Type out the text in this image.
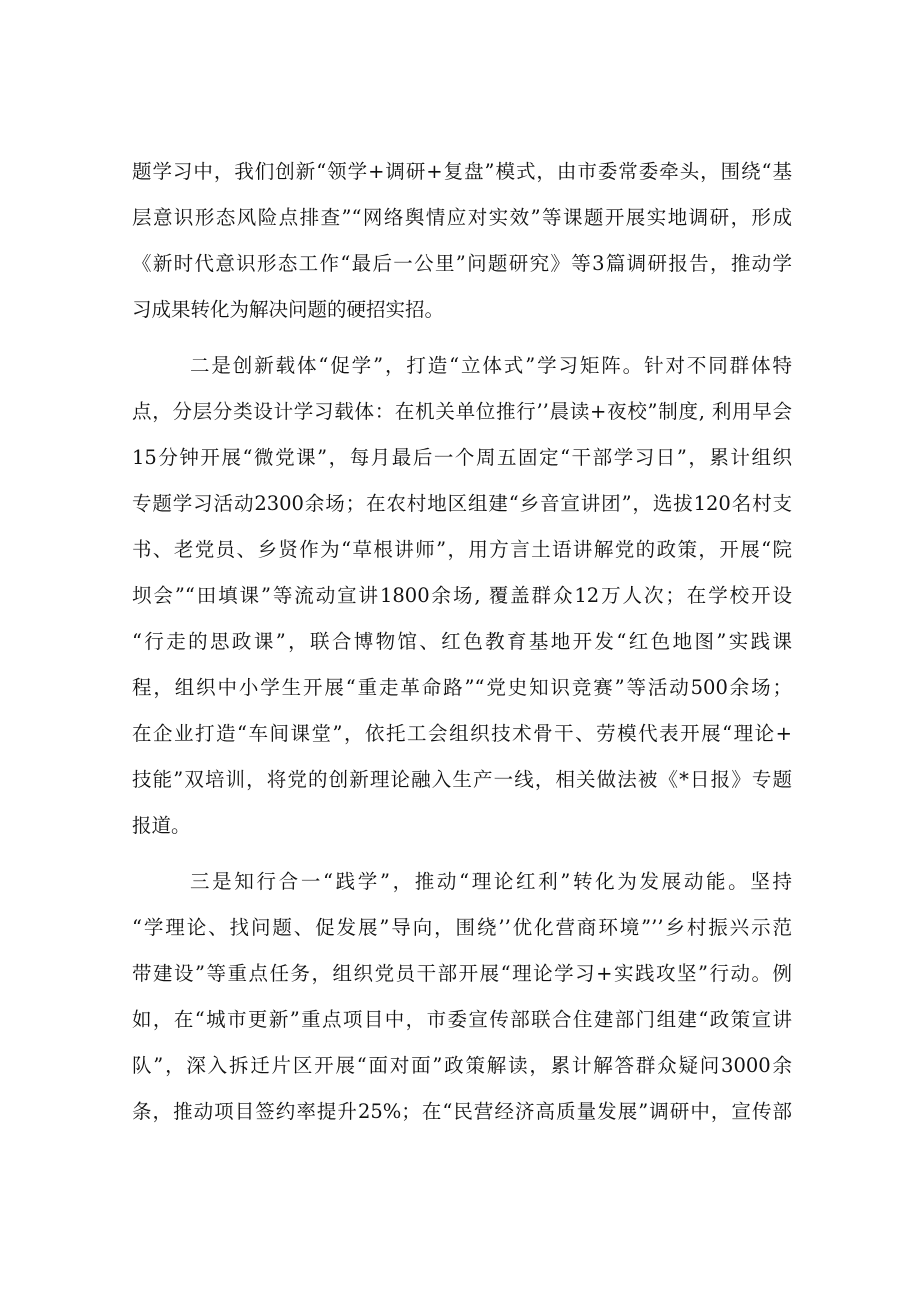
题学习中，我们创新“领学+调研+复盘”模式，由市委常委牵头，围绕“基
层意识形态风险点排查”“网络舆情应对实效”等课题开展实地调研，形成
《新时代意识形态工作“最后一公里”问题研究》等3篇调研报告，推动学
习成果转化为解决问题的硬招实招。
二是创新载体“促学”，打造“立体式”学习矩阵。针对不同群体特
点，分层分类设计学习载体：在机关单位推行’’晨读+夜校”制度, 利用早会
15分钟开展“微党课”，每月最后一个周五固定“干部学习日”，累计组织
专题学习活动2300余场；在农村地区组建“乡音宣讲团”，选拔120名村支
书、老党员、乡贤作为“草根讲师”，用方言土语讲解党的政策，开展“院
坝会”“田填课”等流动宣讲1800余场, 覆盖群众12万人次；在学校开设
“行走的思政课”，联合博物馆、红色教育基地开发“红色地图”实践课
程，组织中小学生开展“重走革命路”“党史知识竞赛”等活动500余场；
在企业打造“车间课堂”，依托工会组织技术骨干、劳模代表开展“理论+
技能”双培训，将党的创新理论融入生产一线，相关做法被《*日报》专题
报道。
三是知行合一“践学”，推动“理论红利”转化为发展动能。坚持
“学理论、找问题、促发展”导向，围绕’’优化营商环境”’’乡村振兴示范
带建设”等重点任务，组织党员干部开展“理论学习+实践攻坚”行动。例
如，在“城市更新”重点项目中，市委宣传部联合住建部门组建“政策宣讲
队”，深入拆迁片区开展“面对面”政策解读，累计解答群众疑问3000余
条，推动项目签约率提升25%；在“民营经济高质量发展”调研中，宣传部
